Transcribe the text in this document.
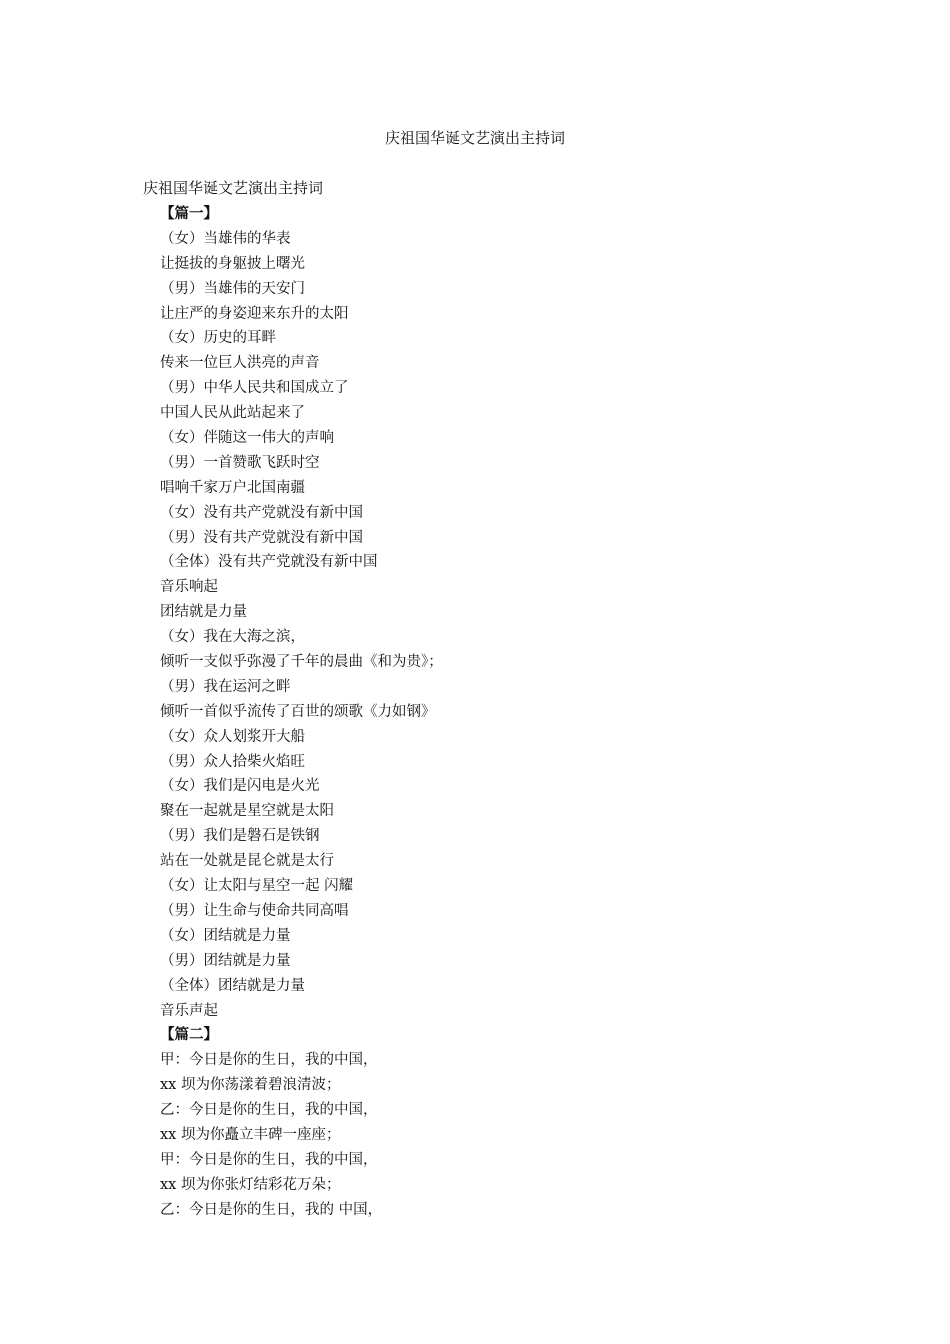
庆祖国华诞文艺演出主持词
庆祖国华诞文艺演出主持词
【篇一】
（女）当雄伟的华表
让挺拔的身躯披上曙光
（男）当雄伟的天安门
让庄严的身姿迎来东升的太阳
（女）历史的耳畔
传来一位巨人洪亮的声音
（男）中华人民共和国成立了
中国人民从此站起来了
（女）伴随这一伟大的声响
（男）一首赞歌飞跃时空
唱响千家万户北国南疆
（女）没有共产党就没有新中国
（男）没有共产党就没有新中国
（全体）没有共产党就没有新中国
音乐响起
团结就是力量
（女）我在大海之滨，
倾听一支似乎弥漫了千年的晨曲《和为贵》；
（男）我在运河之畔
倾听一首似乎流传了百世的颂歌《力如钢》
（女）众人划浆开大船
（男）众人拾柴火焰旺
（女）我们是闪电是火光
聚在一起就是星空就是太阳
（男）我们是磐石是铁钢
站在一处就是昆仑就是太行
（女）让太阳与星空一起 闪耀
（男）让生命与使命共同高唱
（女）团结就是力量
（男）团结就是力量
（全体）团结就是力量
音乐声起
【篇二】
甲：今日是你的生日，我的中国，
xx 坝为你荡漾着碧浪清波；
乙：今日是你的生日，我的中国，
xx 坝为你矗立丰碑一座座；
甲：今日是你的生日，我的中国，
xx 坝为你张灯结彩花万朵；
乙：今日是你的生日，我的 中国，
